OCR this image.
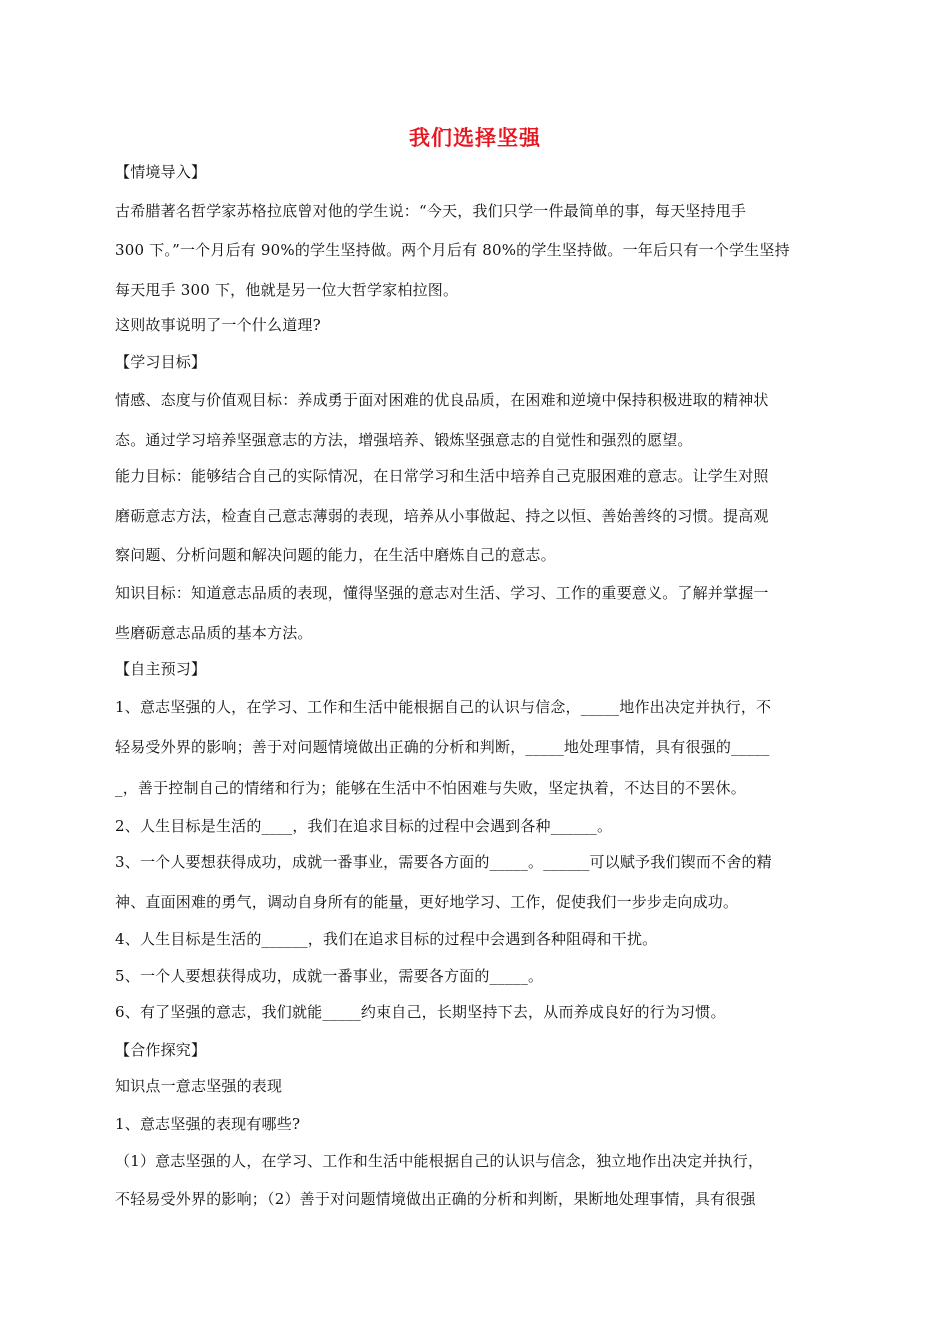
我们选择坚强
【情境导入】
古希腊著名哲学家苏格拉底曾对他的学生说：“今天，我们只学一件最简单的事，每天坚持甩手
300 下。”一个月后有 90%的学生坚持做。两个月后有 80%的学生坚持做。一年后只有一个学生坚持
每天甩手 300 下，他就是另一位大哲学家柏拉图。
这则故事说明了一个什么道理?
【学习目标】
情感、态度与价值观目标：养成勇于面对困难的优良品质，在困难和逆境中保持积极进取的精神状
态。通过学习培养坚强意志的方法，增强培养、锻炼坚强意志的自觉性和强烈的愿望。
能力目标：能够结合自己的实际情况，在日常学习和生活中培养自己克服困难的意志。让学生对照
磨砺意志方法，检查自己意志薄弱的表现，培养从小事做起、持之以恒、善始善终的习惯。提高观
察问题、分析问题和解决问题的能力，在生活中磨炼自己的意志。
知识目标：知道意志品质的表现，懂得坚强的意志对生活、学习、工作的重要意义。了解并掌握一
些磨砺意志品质的基本方法。
【自主预习】
1、意志坚强的人，在学习、工作和生活中能根据自己的认识与信念，_____地作出决定并执行，不
轻易受外界的影响；善于对问题情境做出正确的分析和判断，_____地处理事情，具有很强的_____
_，善于控制自己的情绪和行为；能够在生活中不怕困难与失败，坚定执着，不达目的不罢休。
2、人生目标是生活的____，我们在追求目标的过程中会遇到各种______。
3、一个人要想获得成功，成就一番事业，需要各方面的_____。______可以赋予我们锲而不舍的精
神、直面困难的勇气，调动自身所有的能量，更好地学习、工作，促使我们一步步走向成功。
4、人生目标是生活的______，我们在追求目标的过程中会遇到各种阻碍和干扰。
5、一个人要想获得成功，成就一番事业，需要各方面的_____。
6、有了坚强的意志，我们就能_____约束自己，长期坚持下去，从而养成良好的行为习惯。
【合作探究】
知识点一意志坚强的表现
1、意志坚强的表现有哪些?
（1）意志坚强的人，在学习、工作和生活中能根据自己的认识与信念，独立地作出决定并执行，
不轻易受外界的影响；（2）善于对问题情境做出正确的分析和判断，果断地处理事情，具有很强
